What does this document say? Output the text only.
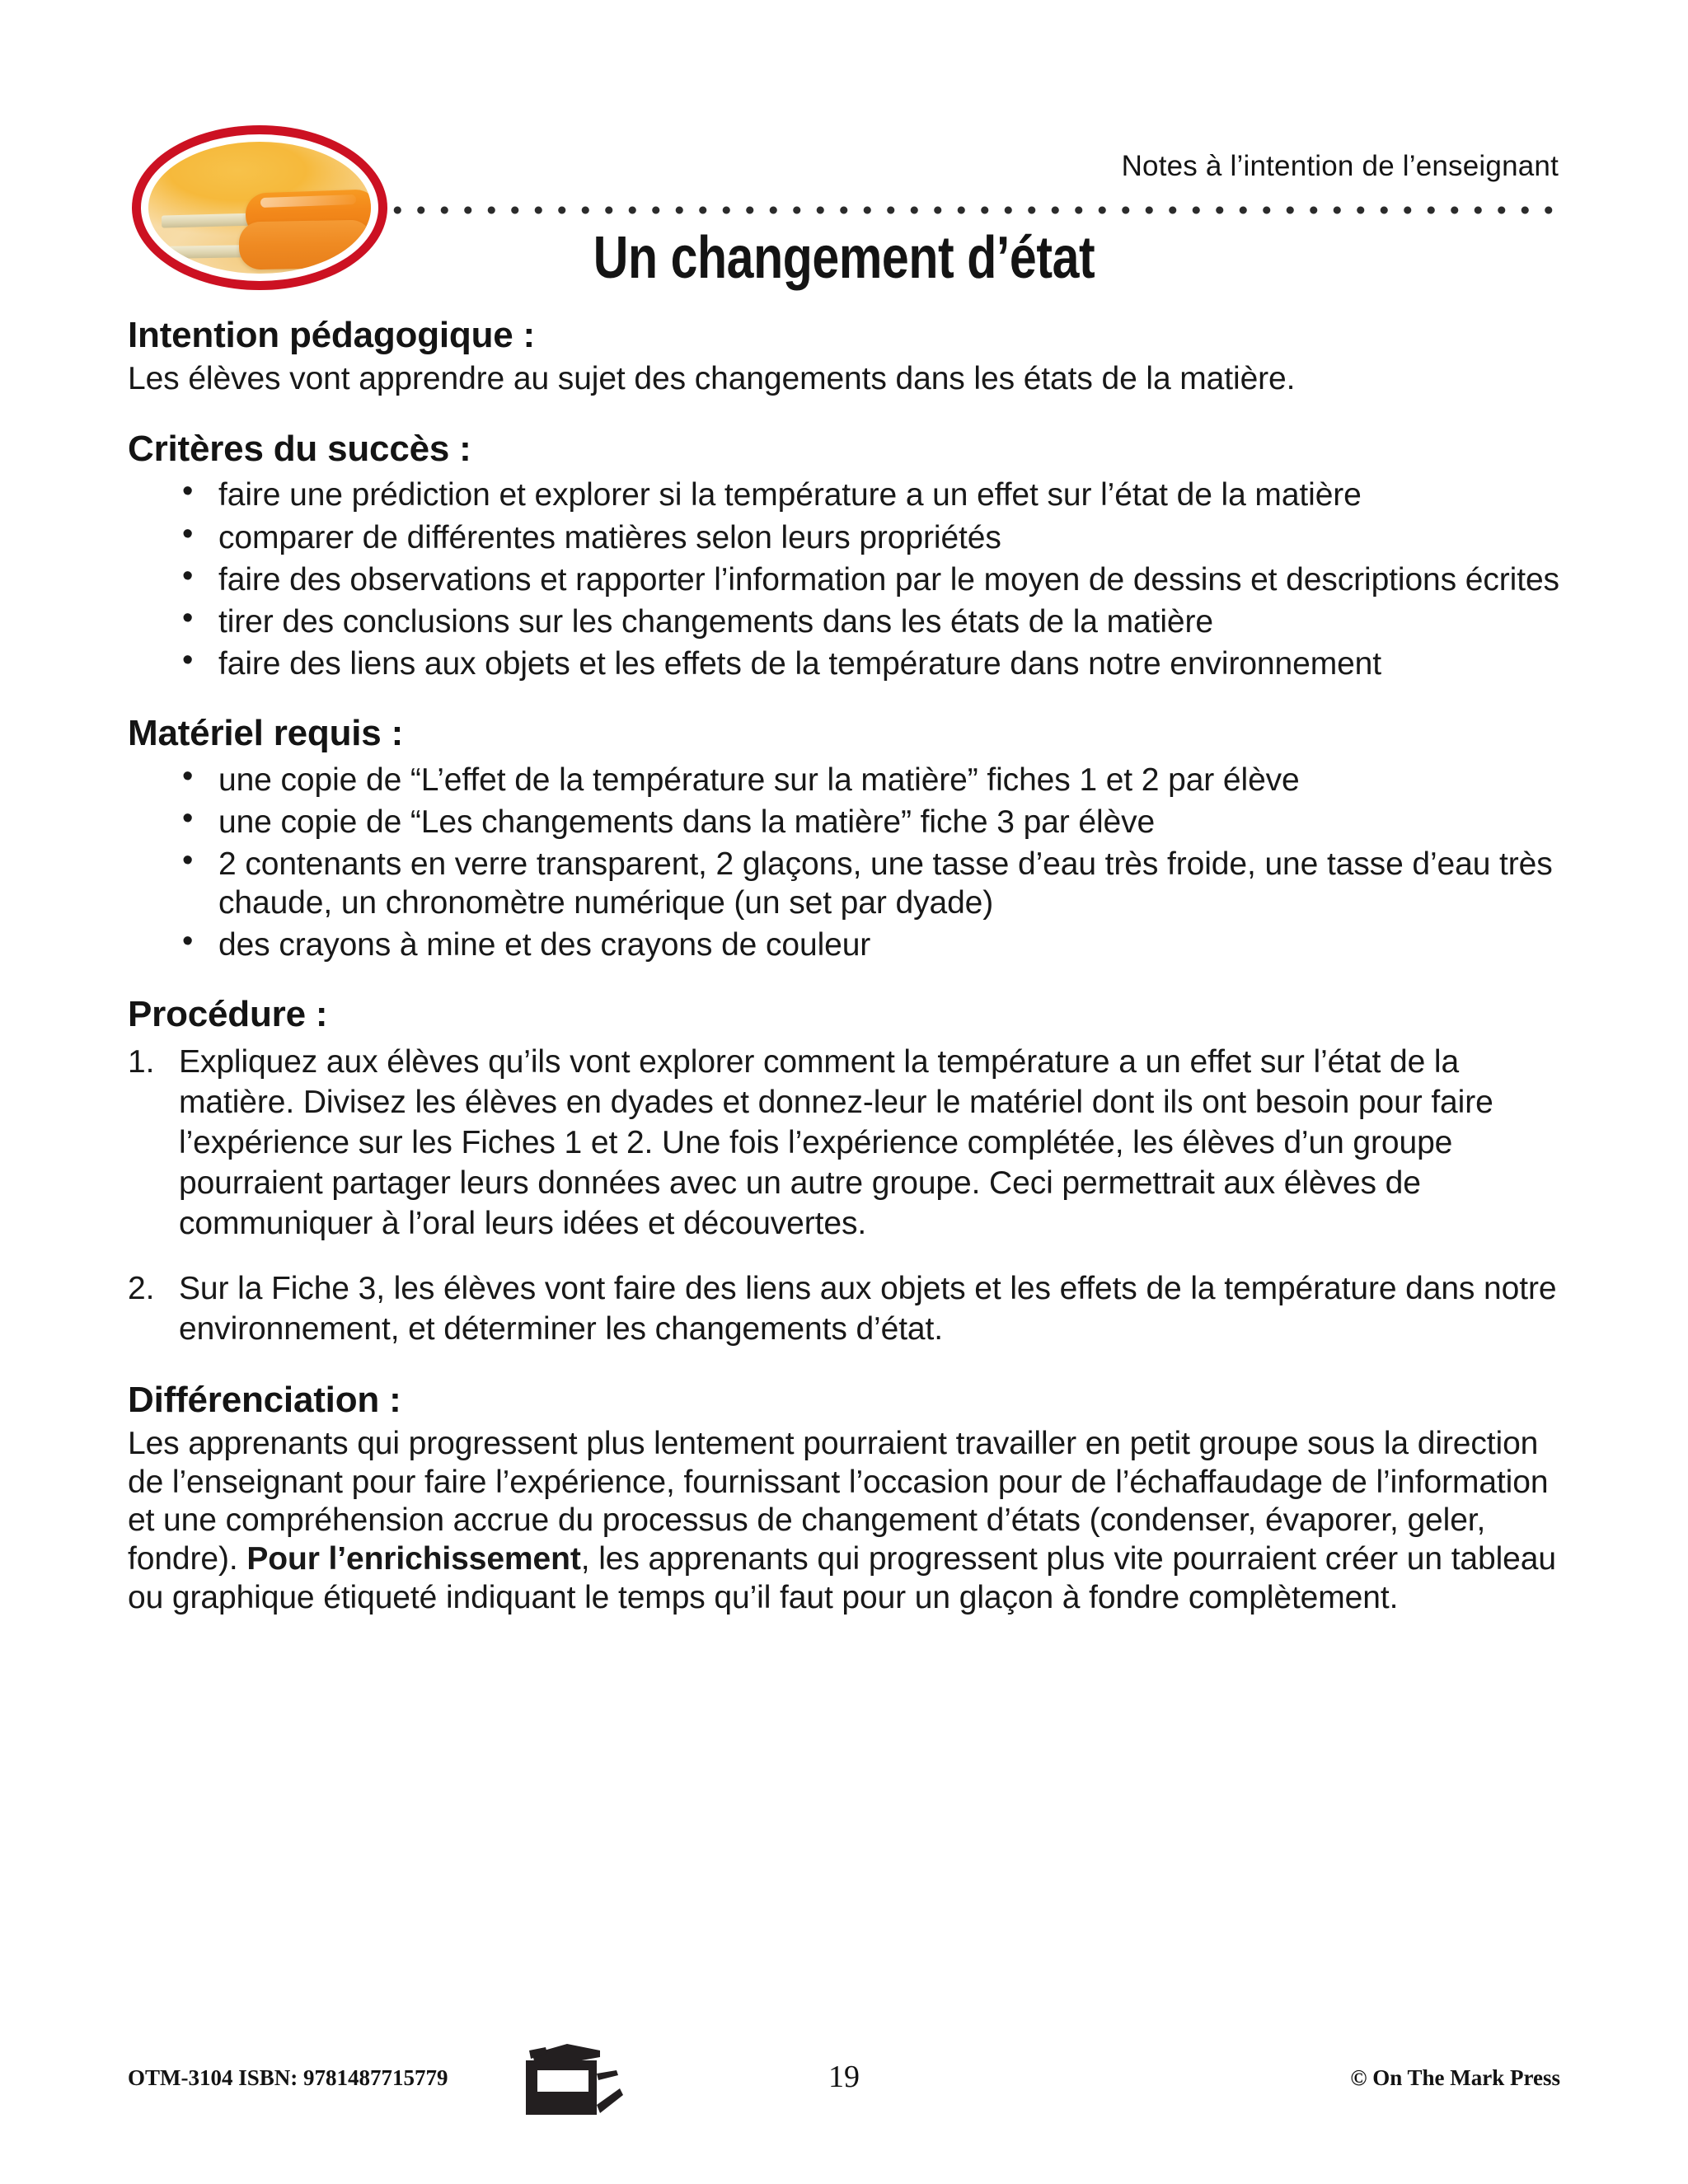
Notes à l’intention de l’enseignant
Un changement d’état
Intention pédagogique :

Les élèves vont apprendre au sujet des changements dans les états de la matière.

Critères du succès :
• faire une prédiction et explorer si la température a un effet sur l’état de la matière
• comparer de différentes matières selon leurs propriétés
• faire des observations et rapporter l’information par le moyen de dessins et descriptions écrites
• tirer des conclusions sur les changements dans les états de la matière
• faire des liens aux objets et les effets de la température dans notre environnement
Matériel requis :
• une copie de “L’effet de la température sur la matière” fiches 1 et 2 par élève
• une copie de “Les changements dans la matière” fiche 3 par élève
• 2 contenants en verre transparent, 2 glaçons, une tasse d’eau très froide, une tasse d’eau très chaude, un chronomètre numérique (un set par dyade)
• des crayons à mine et des crayons de couleur
Procédure :
1. Expliquez aux élèves qu’ils vont explorer comment la température a un effet sur l’état de la matière. Divisez les élèves en dyades et donnez-leur le matériel dont ils ont besoin pour faire l’expérience sur les Fiches 1 et 2. Une fois l’expérience complétée, les élèves d’un groupe pourraient partager leurs données avec un autre groupe. Ceci permettrait aux élèves de communiquer à l’oral leurs idées et découvertes.
2. Sur la Fiche 3, les élèves vont faire des liens aux objets et les effets de la température dans notre environnement, et déterminer les changements d’état.
Différenciation :

Les apprenants qui progressent plus lentement pourraient travailler en petit groupe sous la direction de l’enseignant pour faire l’expérience, fournissant l’occasion pour de l’échaffaudage de l’information et une compréhension accrue du processus de changement d’états (condenser, évaporer, geler, fondre). Pour l’enrichissement, les apprenants qui progressent plus vite pourraient créer un tableau ou graphique étiqueté indiquant le temps qu’il faut pour un glaçon à fondre complètement.

OTM-3104 ISBN: 9781487715779	19	© On The Mark Press
